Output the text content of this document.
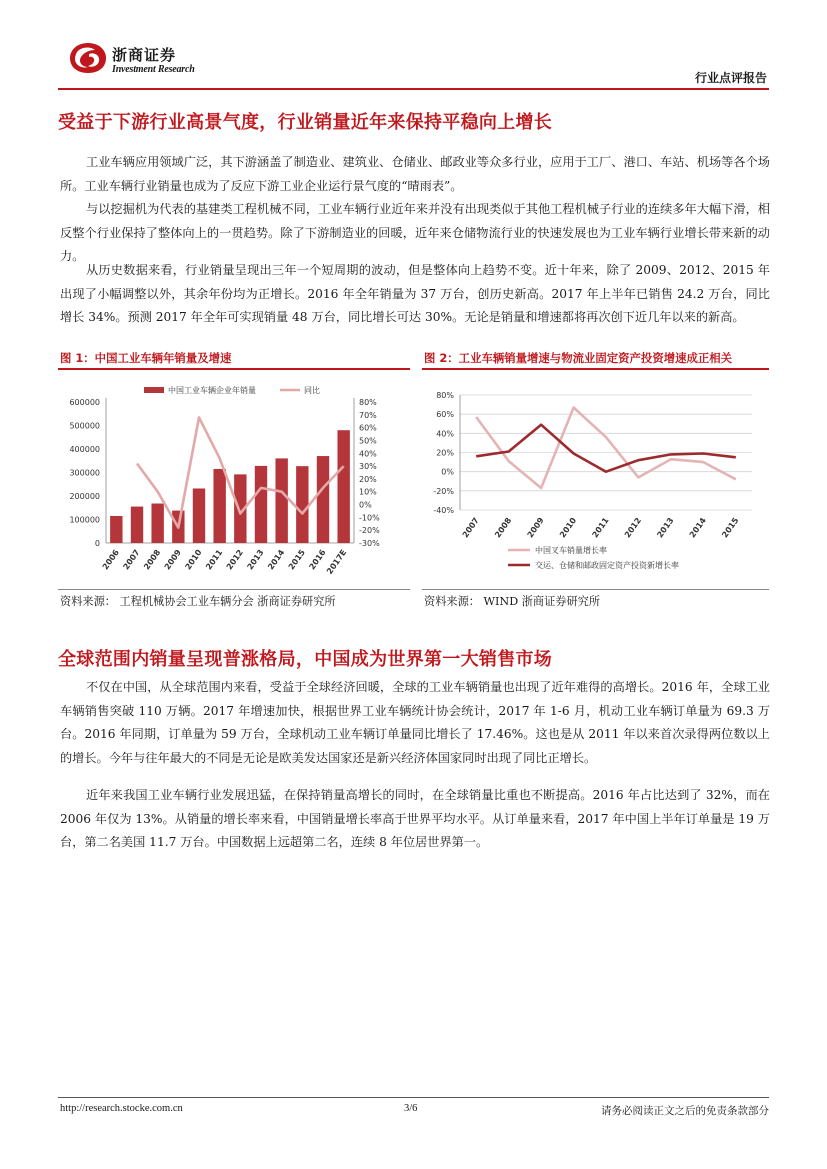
浙商证券
Investment Research
行业点评报告
受益于下游行业高景气度，行业销量近年来保持平稳向上增长

工业车辆应用领域广泛，其下游涵盖了制造业、建筑业、仓储业、邮政业等众多行业，应用于工厂、港口、车站、机场等各个场所。工业车辆行业销量也成为了反应下游工业企业运行景气度的“晴雨表”。

与以挖掘机为代表的基建类工程机械不同，工业车辆行业近年来并没有出现类似于其他工程机械子行业的连续多年大幅下滑，相反整个行业保持了整体向上的一贯趋势。除了下游制造业的回暖，近年来仓储物流行业的快速发展也为工业车辆行业增长带来新的动力。

从历史数据来看，行业销量呈现出三年一个短周期的波动，但是整体向上趋势不变。近十年来，除了 2009、2012、2015 年出现了小幅调整以外，其余年份均为正增长。2016 年全年销量为 37 万台，创历史新高。2017 年上半年已销售 24.2 万台，同比增长 34%。预测 2017 年全年可实现销量 48 万台，同比增长可达 30%。无论是销量和增速都将再次创下近几年以来的新高。

图 1：中国工业车辆年销量及增速
0
100000
200000
300000
400000
500000
600000
-30%
-20%
-10%
0%
10%
20%
30%
40%
50%
60%
70%
80%
2006 2007 2008 2009 2010 2011 2012 2013 2014 2015 2016
2017E
中国工业车辆企业年销量	同比
资料来源： 工程机械协会工业车辆分会 浙商证券研究所
图 2：工业车辆销量增速与物流业固定资产投资增速成正相关
-40%
-20%
0%
20%
40%
60%
80%
2007 2008 2009 2010 2011 2012 2013 2014 2015
中国叉车销量增长率
交运、仓储和邮政固定资产投资新增长率
资料来源： WIND 浙商证券研究所
全球范围内销量呈现普涨格局，中国成为世界第一大销售市场

不仅在中国，从全球范围内来看，受益于全球经济回暖，全球的工业车辆销量也出现了近年难得的高增长。2016 年，全球工业车辆销售突破 110 万辆。2017 年增速加快，根据世界工业车辆统计协会统计，2017 年 1-6 月，机动工业车辆订单量为 69.3 万台。2016 年同期，订单量为 59 万台，全球机动工业车辆订单量同比增长了 17.46%。这也是从 2011 年以来首次录得两位数以上的增长。今年与往年最大的不同是无论是欧美发达国家还是新兴经济体国家同时出现了同比正增长。

近年来我国工业车辆行业发展迅猛，在保持销量高增长的同时，在全球销量比重也不断提高。2016 年占比达到了 32%，而在 2006 年仅为 13%。从销量的增长率来看，中国销量增长率高于世界平均水平。从订单量来看，2017 年中国上半年订单量是 19 万台，第二名美国 11.7 万台。中国数据上远超第二名，连续 8 年位居世界第一。

http://research.stocke.com.cn	3/6	请务必阅读正文之后的免责条款部分
